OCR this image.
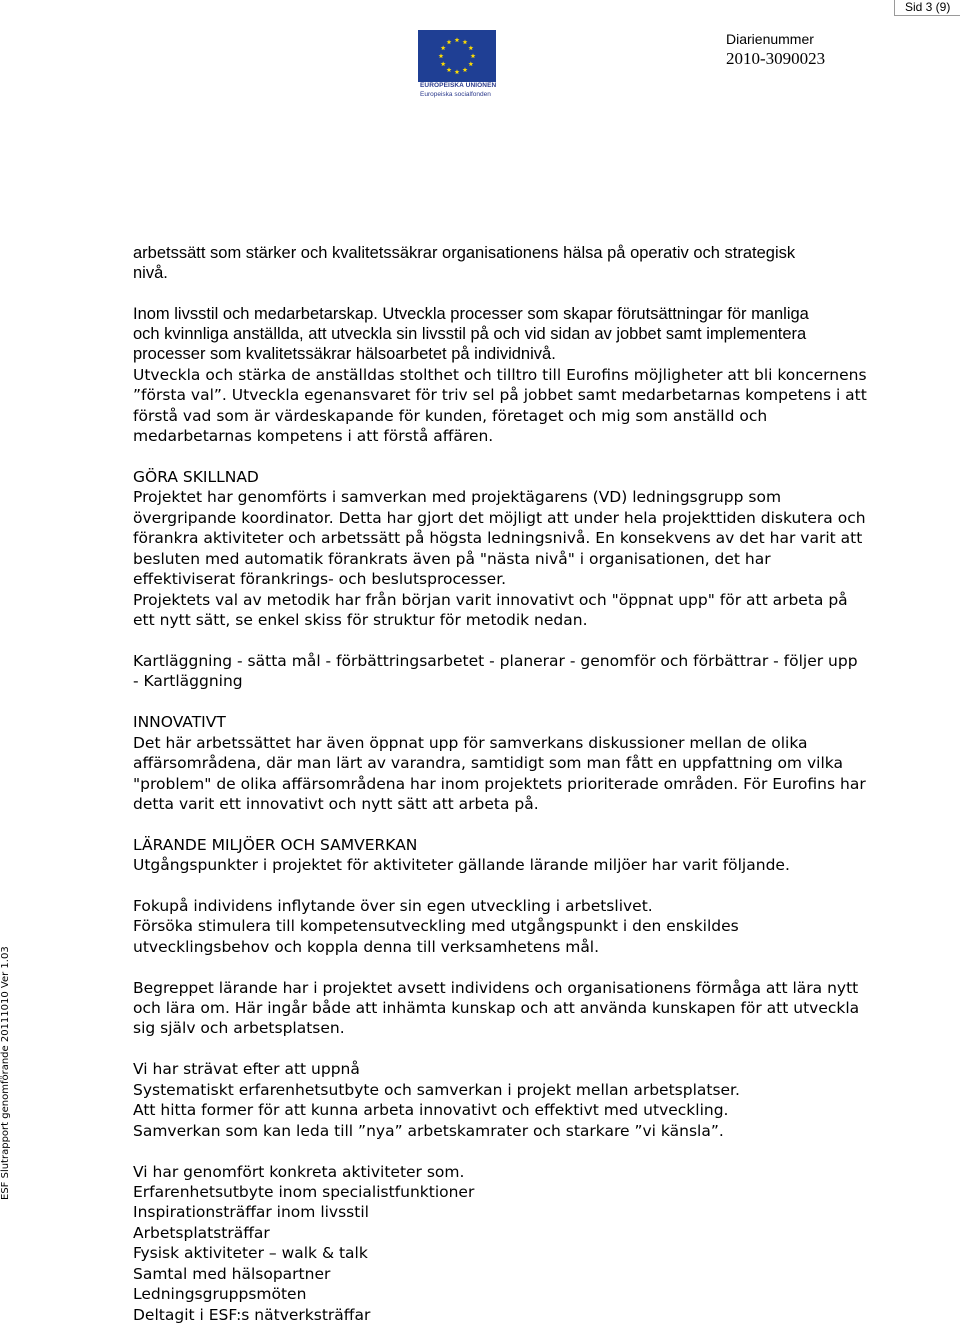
Sid 3 (9)
EUROPEISKA UNIONEN
Europeiska socialfonden
Diarienummer
2010-3090023
ESF Slutrapport genomförande 20111010 Ver 1.03
arbetssätt som stärker och kvalitetssäkrar organisationens hälsa på operativ och strategisk
nivå.
Inom livsstil och medarbetarskap. Utveckla processer som skapar förutsättningar för manliga
och kvinnliga anställda, att utveckla sin livsstil på och vid sidan av jobbet samt implementera
processer som kvalitetssäkrar hälsoarbetet på individnivå.
Utveckla och stärka de anställdas stolthet och tilltro till Eurofins möjligheter att bli koncernens
”första val”. Utveckla egenansvaret för triv sel på jobbet samt medarbetarnas kompetens i att
förstå vad som är värdeskapande för kunden, företaget och mig som anställd och
medarbetarnas kompetens i att förstå affären.
GÖRA SKILLNAD
Projektet har genomförts i samverkan med projektägarens (VD) ledningsgrupp som
övergripande koordinator. Detta har gjort det möjligt att under hela projekttiden diskutera och
förankra aktiviteter och arbetssätt på högsta ledningsnivå. En konsekvens av det har varit att
besluten med automatik förankrats även på "nästa nivå" i organisationen, det har
effektiviserat förankrings- och beslutsprocesser.
Projektets val av metodik har från början varit innovativt och "öppnat upp" för att arbeta på
ett nytt sätt, se enkel skiss för struktur för metodik nedan.
Kartläggning - sätta mål - förbättringsarbetet - planerar - genomför och förbättrar - följer upp
- Kartläggning
INNOVATIVT
Det här arbetssättet har även öppnat upp för samverkans diskussioner mellan de olika
affärsområdena, där man lärt av varandra, samtidigt som man fått en uppfattning om vilka
"problem" de olika affärsområdena har inom projektets prioriterade områden. För Eurofins har
detta varit ett innovativt och nytt sätt att arbeta på.
LÄRANDE MILJÖER OCH SAMVERKAN
Utgångspunkter i projektet för aktiviteter gällande lärande miljöer har varit följande.
Fokupå individens inflytande över sin egen utveckling i arbetslivet.
Försöka stimulera till kompetensutveckling med utgångspunkt i den enskildes
utvecklingsbehov och koppla denna till verksamhetens mål.
Begreppet lärande har i projektet avsett individens och organisationens förmåga att lära nytt
och lära om. Här ingår både att inhämta kunskap och att använda kunskapen för att utveckla
sig själv och arbetsplatsen.
Vi har strävat efter att uppnå
Systematiskt erfarenhetsutbyte och samverkan i projekt mellan arbetsplatser.
Att hitta former för att kunna arbeta innovativt och effektivt med utveckling.
Samverkan som kan leda till ”nya” arbetskamrater och starkare ”vi känsla”.
Vi har genomfört konkreta aktiviteter som.
Erfarenhetsutbyte inom specialistfunktioner
Inspirationsträffar inom livsstil
Arbetsplatsträffar
Fysisk aktiviteter – walk & talk
Samtal med hälsopartner
Ledningsgruppsmöten
Deltagit i ESF:s nätverksträffar
